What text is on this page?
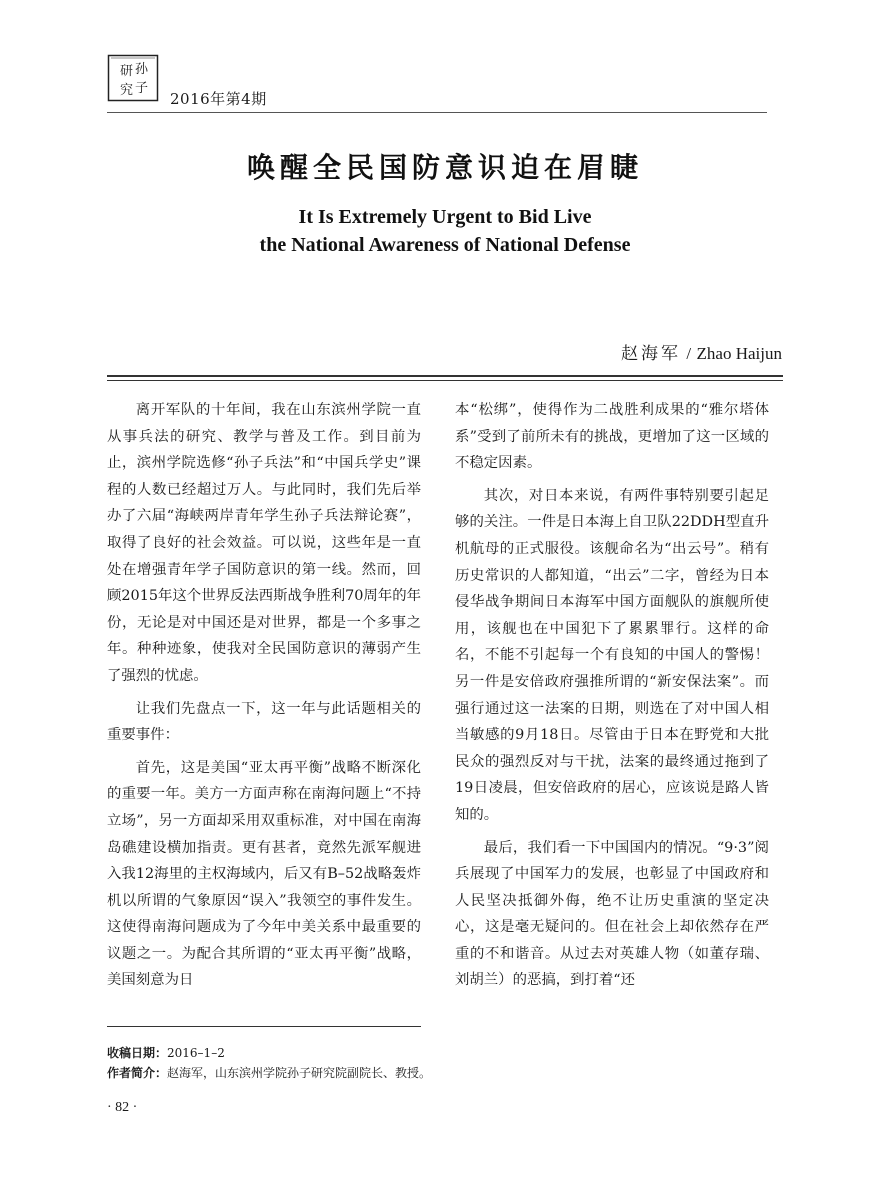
研 孙
究 子
2016年第4期
唤醒全民国防意识迫在眉睫
It Is Extremely Urgent to Bid Live
the National Awareness of National Defense
赵海军 / Zhao Haijun

离开军队的十年间，我在山东滨州学院一直从事兵法的研究、教学与普及工作。到目前为止，滨州学院选修“孙子兵法”和“中国兵学史”课程的人数已经超过万人。与此同时，我们先后举办了六届“海峡两岸青年学生孙子兵法辩论赛”，取得了良好的社会效益。可以说，这些年是一直处在增强青年学子国防意识的第一线。然而，回顾2015年这个世界反法西斯战争胜利70周年的年份，无论是对中国还是对世界，都是一个多事之年。种种迹象，使我对全民国防意识的薄弱产生了强烈的忧虑。

让我们先盘点一下，这一年与此话题相关的重要事件：

首先，这是美国“亚太再平衡”战略不断深化的重要一年。美方一方面声称在南海问题上“不持立场”，另一方面却采用双重标准，对中国在南海岛礁建设横加指责。更有甚者，竟然先派军舰进入我12海里的主权海域内，后又有B–52战略轰炸机以所谓的气象原因“误入”我领空的事件发生。这使得南海问题成为了今年中美关系中最重要的议题之一。为配合其所谓的“亚太再平衡”战略，美国刻意为日

本“松绑”，使得作为二战胜利成果的“雅尔塔体系”受到了前所未有的挑战，更增加了这一区域的不稳定因素。

其次，对日本来说，有两件事特别要引起足够的关注。一件是日本海上自卫队22DDH型直升机航母的正式服役。该舰命名为“出云号”。稍有历史常识的人都知道，“出云”二字，曾经为日本侵华战争期间日本海军中国方面舰队的旗舰所使用，该舰也在中国犯下了累累罪行。这样的命名，不能不引起每一个有良知的中国人的警惕！另一件是安倍政府强推所谓的“新安保法案”。而强行通过这一法案的日期，则选在了对中国人相当敏感的9月18日。尽管由于日本在野党和大批民众的强烈反对与干扰，法案的最终通过拖到了19日凌晨，但安倍政府的居心，应该说是路人皆知的。

最后，我们看一下中国国内的情况。“9·3”阅兵展现了中国军力的发展，也彰显了中国政府和人民坚决抵御外侮，绝不让历史重演的坚定决心，这是毫无疑问的。但在社会上却依然存在严重的不和谐音。从过去对英雄人物（如董存瑞、刘胡兰）的恶搞，到打着“还

收稿日期：2016–1–2
作者简介：赵海军，山东滨州学院孙子研究院副院长、教授。
· 82 ·
